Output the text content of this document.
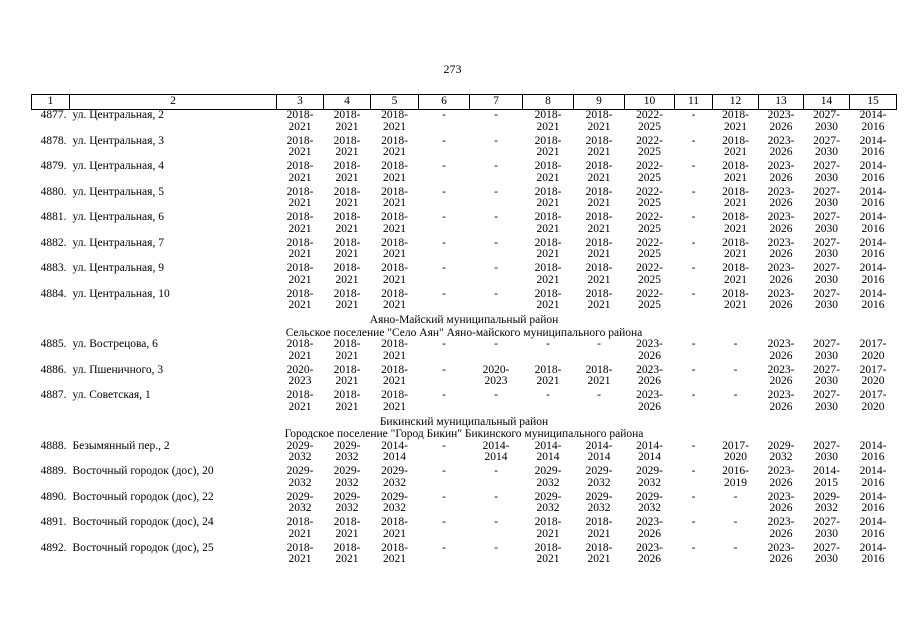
273
1	2	3	4	5	6	7	8	9	10	11	12	13	14	15
4877.	ул. Центральная, 2	2018-
2021	2018-
2021	2018-
2021	-	-	2018-
2021	2018-
2021	2022-
2025	-	2018-
2021	2023-
2026	2027-
2030	2014-
2016

4878.	ул. Центральная, 3	2018-
2021	2018-
2021	2018-
2021	-	-	2018-
2021	2018-
2021	2022-
2025	-	2018-
2021	2023-
2026	2027-
2030	2014-
2016

4879.	ул. Центральная, 4	2018-
2021	2018-
2021	2018-
2021	-	-	2018-
2021	2018-
2021	2022-
2025	-	2018-
2021	2023-
2026	2027-
2030	2014-
2016

4880.	ул. Центральная, 5	2018-
2021	2018-
2021	2018-
2021	-	-	2018-
2021	2018-
2021	2022-
2025	-	2018-
2021	2023-
2026	2027-
2030	2014-
2016

4881.	ул. Центральная, 6	2018-
2021	2018-
2021	2018-
2021	-	-	2018-
2021	2018-
2021	2022-
2025	-	2018-
2021	2023-
2026	2027-
2030	2014-
2016

4882.	ул. Центральная, 7	2018-
2021	2018-
2021	2018-
2021	-	-	2018-
2021	2018-
2021	2022-
2025	-	2018-
2021	2023-
2026	2027-
2030	2014-
2016

4883.	ул. Центральная, 9	2018-
2021	2018-
2021	2018-
2021	-	-	2018-
2021	2018-
2021	2022-
2025	-	2018-
2021	2023-
2026	2027-
2030	2014-
2016

4884.	ул. Центральная, 10	2018-
2021	2018-
2021	2018-
2021	-	-	2018-
2021	2018-
2021	2022-
2025	-	2018-
2021	2023-
2026	2027-
2030	2014-
2016

Аяно-Майский муниципальный район														
Сельское поселение "Село Аян" Аяно-майского муниципального района														
4885.	ул. Вострецова, 6	2018-
2021	2018-
2021	2018-
2021	-	-	-	-	2023-
2026	-	-	2023-
2026	2027-
2030	2017-
2020

4886.	ул. Пшеничного, 3	2020-
2023	2018-
2021	2018-
2021	-	2020-
2023	2018-
2021	2018-
2021	2023-
2026	-	-	2023-
2026	2027-
2030	2017-
2020

4887.	ул. Советская, 1	2018-
2021	2018-
2021	2018-
2021	-	-	-	-	2023-
2026	-	-	2023-
2026	2027-
2030	2017-
2020

Бикинский муниципальный район														
Городское поселение "Город Бикин" Бикинского муниципального района														
4888.	Безымянный пер., 2	2029-
2032	2029-
2032	2014-
2014	-	2014-
2014	2014-
2014	2014-
2014	2014-
2014	-	2017-
2020	2029-
2032	2027-
2030	2014-
2016

4889.	Восточный городок (дос), 20	2029-
2032	2029-
2032	2029-
2032	-	-	2029-
2032	2029-
2032	2029-
2032	-	2016-
2019	2023-
2026	2014-
2015	2014-
2016

4890.	Восточный городок (дос), 22	2029-
2032	2029-
2032	2029-
2032	-	-	2029-
2032	2029-
2032	2029-
2032	-	-	2023-
2026	2029-
2032	2014-
2016

4891.	Восточный городок (дос), 24	2018-
2021	2018-
2021	2018-
2021	-	-	2018-
2021	2018-
2021	2023-
2026	-	-	2023-
2026	2027-
2030	2014-
2016

4892.	Восточный городок (дос), 25	2018-
2021	2018-
2021	2018-
2021	-	-	2018-
2021	2018-
2021	2023-
2026	-	-	2023-
2026	2027-
2030	2014-
2016
